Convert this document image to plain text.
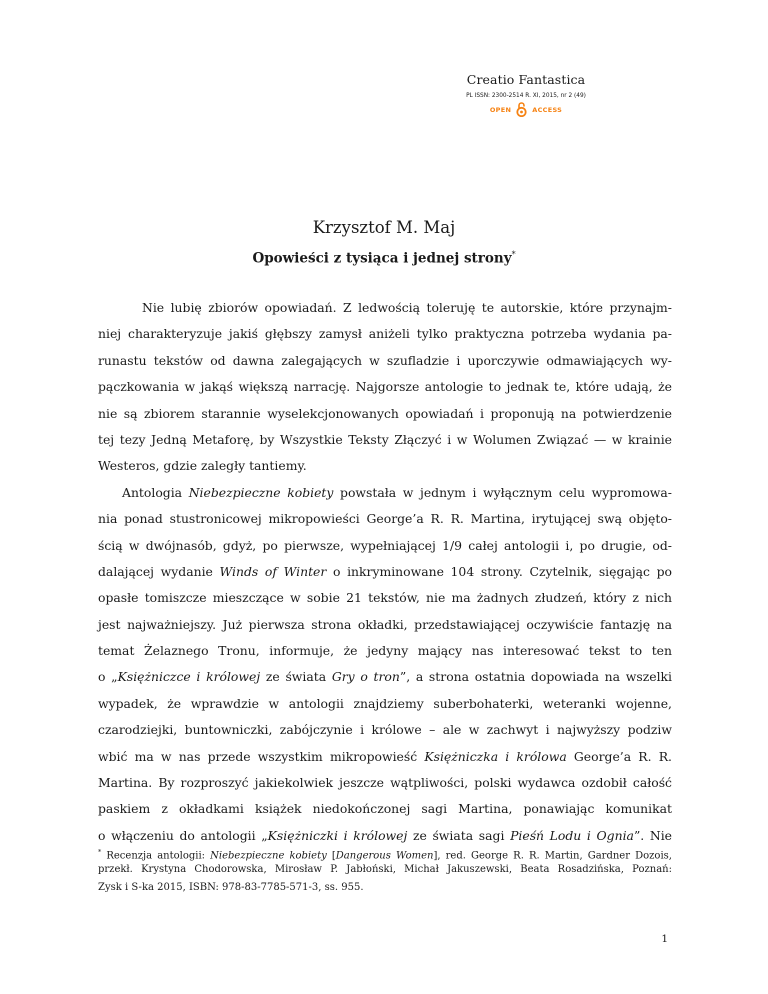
Creatio Fantastica
PL ISSN: 2300-2514 R. XI, 2015, nr 2 (49)
OPEN	ACCESS
Krzysztof M. Maj
Opowieści z tysiąca i jednej strony*
Nie lubię zbiorów opowiadań. Z ledwością toleruję te autorskie, które przynajm-
niej charakteryzuje jakiś głębszy zamysł aniżeli tylko praktyczna potrzeba wydania pa-
runastu tekstów od dawna zalegających w szufladzie i uporczywie odmawiających wy-
pączkowania w jakąś większą narrację. Najgorsze antologie to jednak te, które udają, że
nie są zbiorem starannie wyselekcjonowanych opowiadań i proponują na potwierdzenie
tej tezy Jedną Metaforę, by Wszystkie Teksty Złączyć i w Wolumen Związać — w krainie
Westeros, gdzie zaległy tantiemy.
Antologia Niebezpieczne kobiety powstała w jednym i wyłącznym celu wypromowa-
nia ponad stustronicowej mikropowieści George’a R. R. Martina, irytującej swą objęto-
ścią w dwójnasób, gdyż, po pierwsze, wypełniającej 1/9 całej antologii i, po drugie, od-
dalającej wydanie Winds of Winter o inkryminowane 104 strony. Czytelnik, sięgając po
opasłe tomiszcze mieszczące w sobie 21 tekstów, nie ma żadnych złudzeń, który z nich
jest najważniejszy. Już pierwsza strona okładki, przedstawiającej oczywiście fantazję na
temat Żelaznego Tronu, informuje, że jedyny mający nas interesować tekst to ten
o „Księżniczce i królowej ze świata Gry o tron”, a strona ostatnia dopowiada na wszelki
wypadek, że wprawdzie w antologii znajdziemy suberbohaterki, weteranki wojenne,
czarodziejki, buntowniczki, zabójczynie i królowe – ale w zachwyt i najwyższy podziw
wbić ma w nas przede wszystkim mikropowieść Księżniczka i królowa George’a R. R.
Martina. By rozproszyć jakiekolwiek jeszcze wątpliwości, polski wydawca ozdobił całość
paskiem z okładkami książek niedokończonej sagi Martina, ponawiając komunikat
o włączeniu do antologii „Księżniczki i królowej ze świata sagi Pieśń Lodu i Ognia”. Nie
* Recenzja antologii: Niebezpieczne kobiety [Dangerous Women], red. George R. R. Martin, Gardner Dozois,
przekł. Krystyna Chodorowska, Mirosław P. Jabłoński, Michał Jakuszewski, Beata Rosadzińska, Poznań:
Zysk i S-ka 2015, ISBN: 978-83-7785-571-3, ss. 955.
1
